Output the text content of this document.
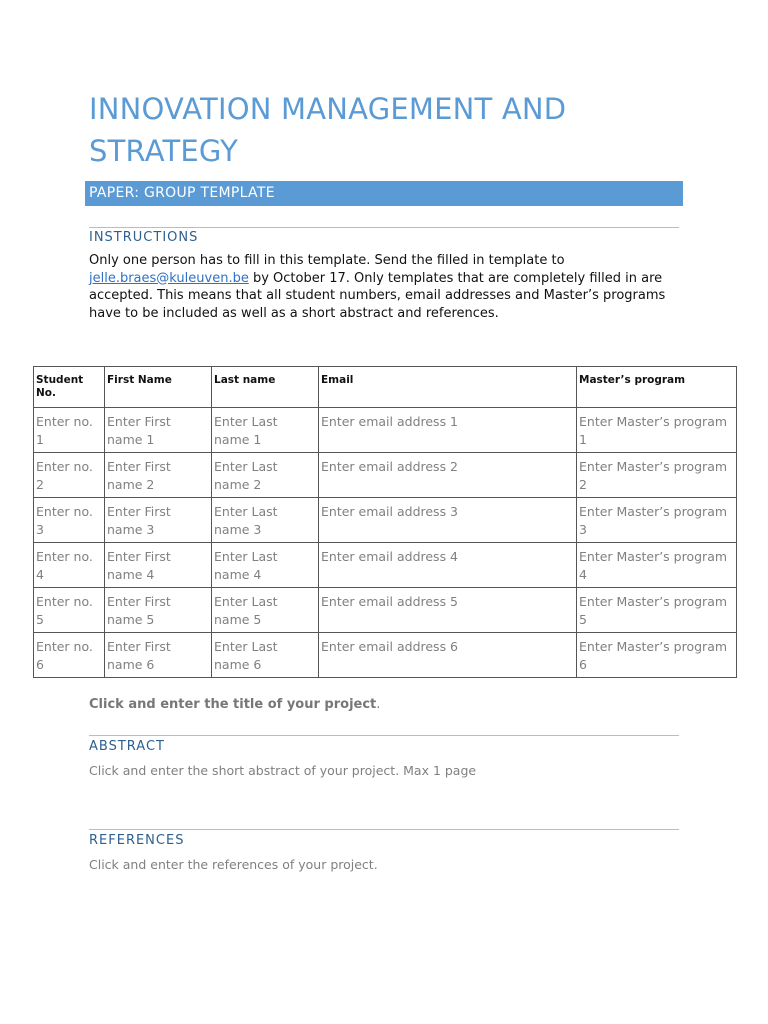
INNOVATION MANAGEMENT AND STRATEGY
PAPER: GROUP TEMPLATE
INSTRUCTIONS
Only one person has to fill in this template. Send the filled in template to jelle.braes@kuleuven.be by October 17. Only templates that are completely filled in are accepted. This means that all student numbers, email addresses and Master’s programs have to be included as well as a short abstract and references.
Student No.	First Name	Last name	Email	Master’s program
Enter no. 1	Enter First name 1	Enter Last name 1	Enter email address 1	Enter Master’s program 1
Enter no. 2	Enter First name 2	Enter Last name 2	Enter email address 2	Enter Master’s program 2
Enter no. 3	Enter First name 3	Enter Last name 3	Enter email address 3	Enter Master’s program 3
Enter no. 4	Enter First name 4	Enter Last name 4	Enter email address 4	Enter Master’s program 4
Enter no. 5	Enter First name 5	Enter Last name 5	Enter email address 5	Enter Master’s program 5
Enter no. 6	Enter First name 6	Enter Last name 6	Enter email address 6	Enter Master’s program 6
Click and enter the title of your project.
ABSTRACT
Click and enter the short abstract of your project. Max 1 page
REFERENCES
Click and enter the references of your project.
